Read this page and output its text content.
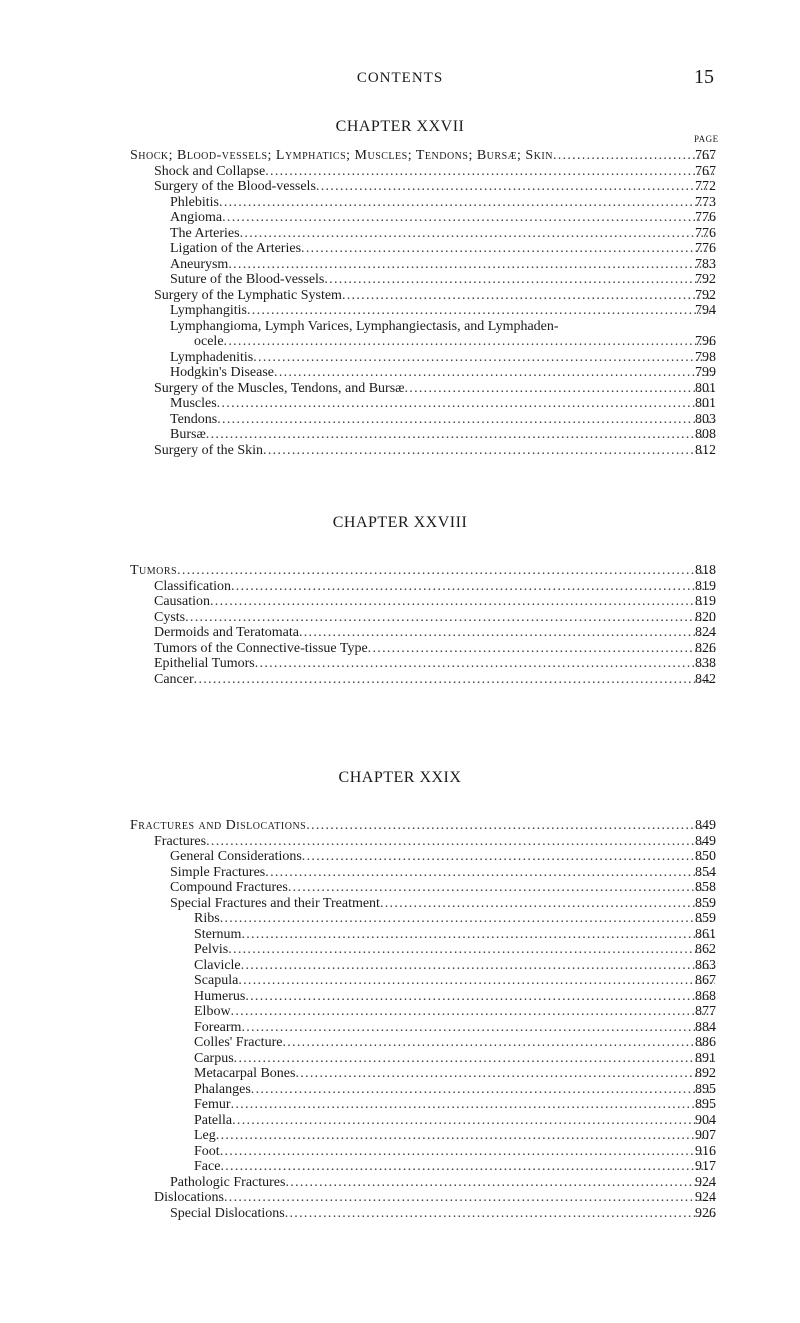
CONTENTS	15
CHAPTER XXVII
PAGE
Shock; Blood-vessels; Lymphatics; Muscles; Tendons; Bursæ; Skin .....	767
Shock and Collapse .....	767
Surgery of the Blood-vessels .....	772
Phlebitis .....	773
Angioma .....	776
The Arteries .....	776
Ligation of the Arteries .....	776
Aneurysm .....	783
Suture of the Blood-vessels .....	792
Surgery of the Lymphatic System .....	792
Lymphangitis .....	794
Lymphangioma, Lymph Varices, Lymphangiectasis, and Lymphaden-
ocele .....	796
Lymphadenitis .....	798
Hodgkin's Disease .....	799
Surgery of the Muscles, Tendons, and Bursæ .....	801
Muscles .....	801
Tendons .....	803
Bursæ .....	808
Surgery of the Skin .....	812
CHAPTER XXVIII
Tumors .....	818
Classification .....	819
Causation .....	819
Cysts .....	820
Dermoids and Teratomata .....	824
Tumors of the Connective-tissue Type .....	826
Epithelial Tumors .....	838
Cancer .....	842
CHAPTER XXIX
Fractures and Dislocations .....	849
Fractures .....	849
General Considerations .....	850
Simple Fractures .....	854
Compound Fractures .....	858
Special Fractures and their Treatment .....	859
Ribs .....	859
Sternum .....	861
Pelvis .....	862
Clavicle .....	863
Scapula .....	867
Humerus .....	868
Elbow .....	877
Forearm .....	884
Colles' Fracture .....	886
Carpus .....	891
Metacarpal Bones .....	892
Phalanges .....	895
Femur .....	895
Patella .....	904
Leg .....	907
Foot .....	916
Face .....	917
Pathologic Fractures .....	924
Dislocations .....	924
Special Dislocations .....	926
